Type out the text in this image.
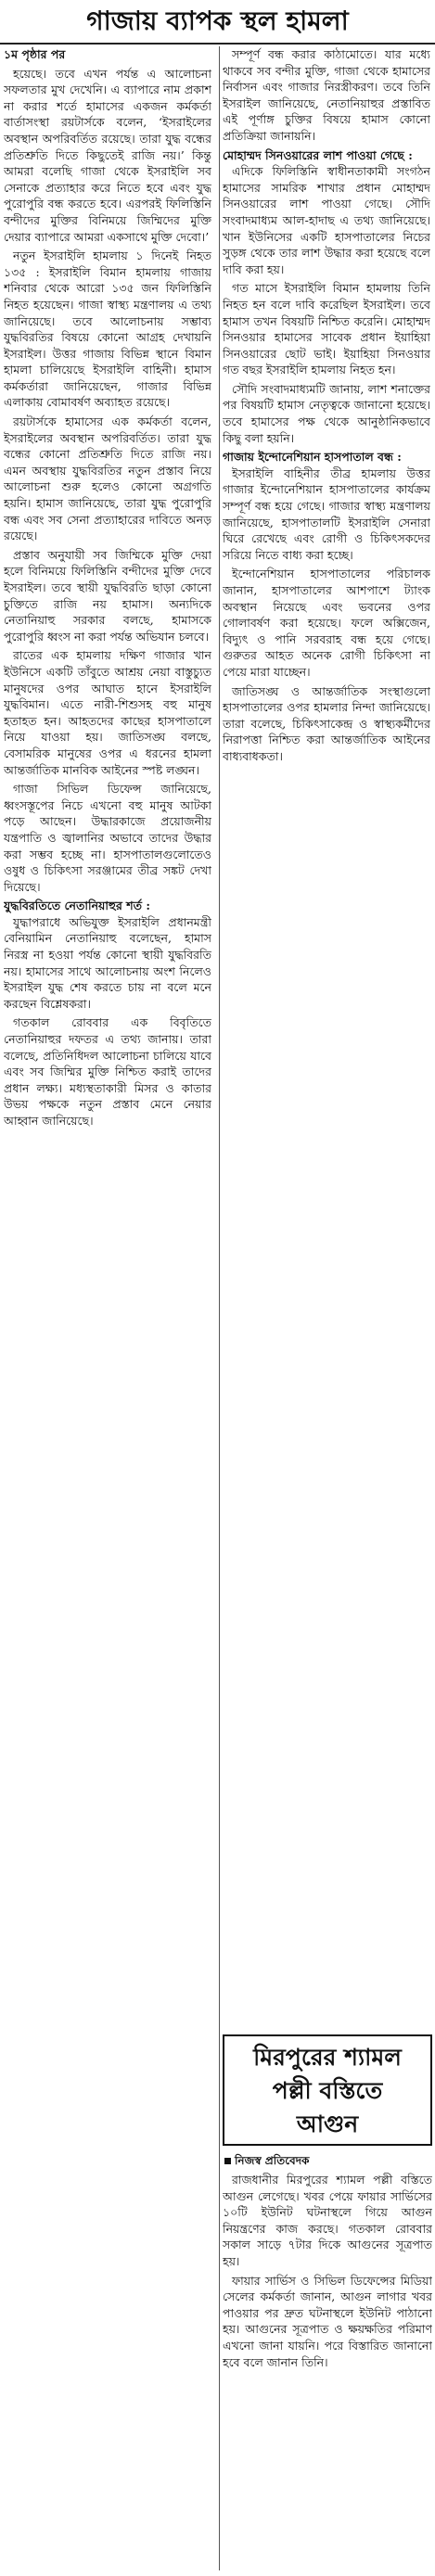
গাজায় ব্যাপক স্থল হামলা

১ম পৃষ্ঠার পর

হয়েছে। তবে এখন পর্যন্ত এ আলোচনা সফলতার মুখ দেখেনি। এ ব্যাপারে নাম প্রকাশ না করার শর্তে হামাসের একজন কর্মকর্তা বার্তাসংস্থা রয়টার্সকে বলেন, ‘ইসরাইলের অবস্থান অপরিবর্তিত রয়েছে। তারা যুদ্ধ বন্ধের প্রতিশ্রুতি দিতে কিছুতেই রাজি নয়।’ কিন্তু আমরা বলেছি গাজা থেকে ইসরাইলি সব সেনাকে প্রত্যাহার করে নিতে হবে এবং যুদ্ধ পুরোপুরি বন্ধ করতে হবে। এরপরই ফিলিস্তিনি বন্দীদের মুক্তির বিনিময়ে জিম্মিদের মুক্তি দেয়ার ব্যাপারে আমরা একসাথে মুক্তি দেবো।’

নতুন ইসরাইলি হামলায় ১ দিনেই নিহত ১৩৫ : ইসরাইলি বিমান হামলায় গাজায় শনিবার থেকে আরো ১৩৫ জন ফিলিস্তিনি নিহত হয়েছেন। গাজা স্বাস্থ্য মন্ত্রণালয় এ তথ্য জানিয়েছে। তবে আলোচনায় সম্ভাব্য যুদ্ধবিরতির বিষয়ে কোনো আগ্রহ দেখায়নি ইসরাইল। উত্তর গাজায় বিভিন্ন স্থানে বিমান হামলা চালিয়েছে ইসরাইলি বাহিনী। হামাস কর্মকর্তারা জানিয়েছেন, গাজার বিভিন্ন এলাকায় বোমাবর্ষণ অব্যাহত রয়েছে।

রয়টার্সকে হামাসের এক কর্মকর্তা বলেন, ইসরাইলের অবস্থান অপরিবর্তিত। তারা যুদ্ধ বন্ধের কোনো প্রতিশ্রুতি দিতে রাজি নয়। এমন অবস্থায় যুদ্ধবিরতির নতুন প্রস্তাব নিয়ে আলোচনা শুরু হলেও কোনো অগ্রগতি হয়নি। হামাস জানিয়েছে, তারা যুদ্ধ পুরোপুরি বন্ধ এবং সব সেনা প্রত্যাহারের দাবিতে অনড় রয়েছে।

প্রস্তাব অনুযায়ী সব জিম্মিকে মুক্তি দেয়া হলে বিনিময়ে ফিলিস্তিনি বন্দীদের মুক্তি দেবে ইসরাইল। তবে স্থায়ী যুদ্ধবিরতি ছাড়া কোনো চুক্তিতে রাজি নয় হামাস। অন্যদিকে নেতানিয়াহু সরকার বলছে, হামাসকে পুরোপুরি ধ্বংস না করা পর্যন্ত অভিযান চলবে।

রাতের এক হামলায় দক্ষিণ গাজার খান ইউনিসে একটি তাঁবুতে আশ্রয় নেয়া বাস্তুচ্যুত মানুষদের ওপর আঘাত হানে ইসরাইলি যুদ্ধবিমান। এতে নারী-শিশুসহ বহু মানুষ হতাহত হন। আহতদের কাছের হাসপাতালে নিয়ে যাওয়া হয়। জাতিসঙ্ঘ বলছে, বেসামরিক মানুষের ওপর এ ধরনের হামলা আন্তর্জাতিক মানবিক আইনের স্পষ্ট লঙ্ঘন।

গাজা সিভিল ডিফেন্স জানিয়েছে, ধ্বংসস্তূপের নিচে এখনো বহু মানুষ আটকা পড়ে আছেন। উদ্ধারকাজে প্রয়োজনীয় যন্ত্রপাতি ও জ্বালানির অভাবে তাদের উদ্ধার করা সম্ভব হচ্ছে না। হাসপাতালগুলোতেও ওষুধ ও চিকিৎসা সরঞ্জামের তীব্র সঙ্কট দেখা দিয়েছে।

যুদ্ধবিরতিতে নেতানিয়াহুর শর্ত :

যুদ্ধাপরাধে অভিযুক্ত ইসরাইলি প্রধানমন্ত্রী বেনিয়ামিন নেতানিয়াহু বলেছেন, হামাস নিরস্ত্র না হওয়া পর্যন্ত কোনো স্থায়ী যুদ্ধবিরতি নয়। হামাসের সাথে আলোচনায় অংশ নিলেও ইসরাইল যুদ্ধ শেষ করতে চায় না বলে মনে করছেন বিশ্লেষকরা।

গতকাল রোববার এক বিবৃতিতে নেতানিয়াহুর দফতর এ তথ্য জানায়। তারা বলেছে, প্রতিনিধিদল আলোচনা চালিয়ে যাবে এবং সব জিম্মির মুক্তি নিশ্চিত করাই তাদের প্রধান লক্ষ্য। মধ্যস্থতাকারী মিসর ও কাতার উভয় পক্ষকে নতুন প্রস্তাব মেনে নেয়ার আহ্বান জানিয়েছে।

সম্পূর্ণ বন্ধ করার কাঠামোতে। যার মধ্যে থাকবে সব বন্দীর মুক্তি, গাজা থেকে হামাসের নির্বাসন এবং গাজার নিরস্ত্রীকরণ। তবে তিনি ইসরাইল জানিয়েছে, নেতানিয়াহুর প্রস্তাবিত এই পূর্ণাঙ্গ চুক্তির বিষয়ে হামাস কোনো প্রতিক্রিয়া জানায়নি।

মোহাম্মদ সিনওয়ারের লাশ পাওয়া গেছে :

এদিকে ফিলিস্তিনি স্বাধীনতাকামী সংগঠন হামাসের সামরিক শাখার প্রধান মোহাম্মদ সিনওয়ারের লাশ পাওয়া গেছে। সৌদি সংবাদমাধ্যম আল-হাদাছ এ তথ্য জানিয়েছে। খান ইউনিসের একটি হাসপাতালের নিচের সুড়ঙ্গ থেকে তার লাশ উদ্ধার করা হয়েছে বলে দাবি করা হয়।

গত মাসে ইসরাইলি বিমান হামলায় তিনি নিহত হন বলে দাবি করেছিল ইসরাইল। তবে হামাস তখন বিষয়টি নিশ্চিত করেনি। মোহাম্মদ সিনওয়ার হামাসের সাবেক প্রধান ইয়াহিয়া সিনওয়ারের ছোট ভাই। ইয়াহিয়া সিনওয়ার গত বছর ইসরাইলি হামলায় নিহত হন।

সৌদি সংবাদমাধ্যমটি জানায়, লাশ শনাক্তের পর বিষয়টি হামাস নেতৃত্বকে জানানো হয়েছে। তবে হামাসের পক্ষ থেকে আনুষ্ঠানিকভাবে কিছু বলা হয়নি।

গাজায় ইন্দোনেশিয়ান হাসপাতাল বন্ধ :

ইসরাইলি বাহিনীর তীব্র হামলায় উত্তর গাজার ইন্দোনেশিয়ান হাসপাতালের কার্যক্রম সম্পূর্ণ বন্ধ হয়ে গেছে। গাজার স্বাস্থ্য মন্ত্রণালয় জানিয়েছে, হাসপাতালটি ইসরাইলি সেনারা ঘিরে রেখেছে এবং রোগী ও চিকিৎসকদের সরিয়ে নিতে বাধ্য করা হচ্ছে।

ইন্দোনেশিয়ান হাসপাতালের পরিচালক জানান, হাসপাতালের আশপাশে ট্যাংক অবস্থান নিয়েছে এবং ভবনের ওপর গোলাবর্ষণ করা হয়েছে। ফলে অক্সিজেন, বিদ্যুৎ ও পানি সরবরাহ বন্ধ হয়ে গেছে। গুরুতর আহত অনেক রোগী চিকিৎসা না পেয়ে মারা যাচ্ছেন।

জাতিসঙ্ঘ ও আন্তর্জাতিক সংস্থাগুলো হাসপাতালের ওপর হামলার নিন্দা জানিয়েছে। তারা বলেছে, চিকিৎসাকেন্দ্র ও স্বাস্থ্যকর্মীদের নিরাপত্তা নিশ্চিত করা আন্তর্জাতিক আইনের বাধ্যবাধকতা।

মিরপুরের শ্যামল
পল্লী বস্তিতে
আগুন
নিজস্ব প্রতিবেদক

রাজধানীর মিরপুরের শ্যামল পল্লী বস্তিতে আগুন লেগেছে। খবর পেয়ে ফায়ার সার্ভিসের ১০টি ইউনিট ঘটনাস্থলে গিয়ে আগুন নিয়ন্ত্রণের কাজ করছে। গতকাল রোববার সকাল সাড়ে ৭টার দিকে আগুনের সূত্রপাত হয়।

ফায়ার সার্ভিস ও সিভিল ডিফেন্সের মিডিয়া সেলের কর্মকর্তা জানান, আগুন লাগার খবর পাওয়ার পর দ্রুত ঘটনাস্থলে ইউনিট পাঠানো হয়। আগুনের সূত্রপাত ও ক্ষয়ক্ষতির পরিমাণ এখনো জানা যায়নি। পরে বিস্তারিত জানানো হবে বলে জানান তিনি।
